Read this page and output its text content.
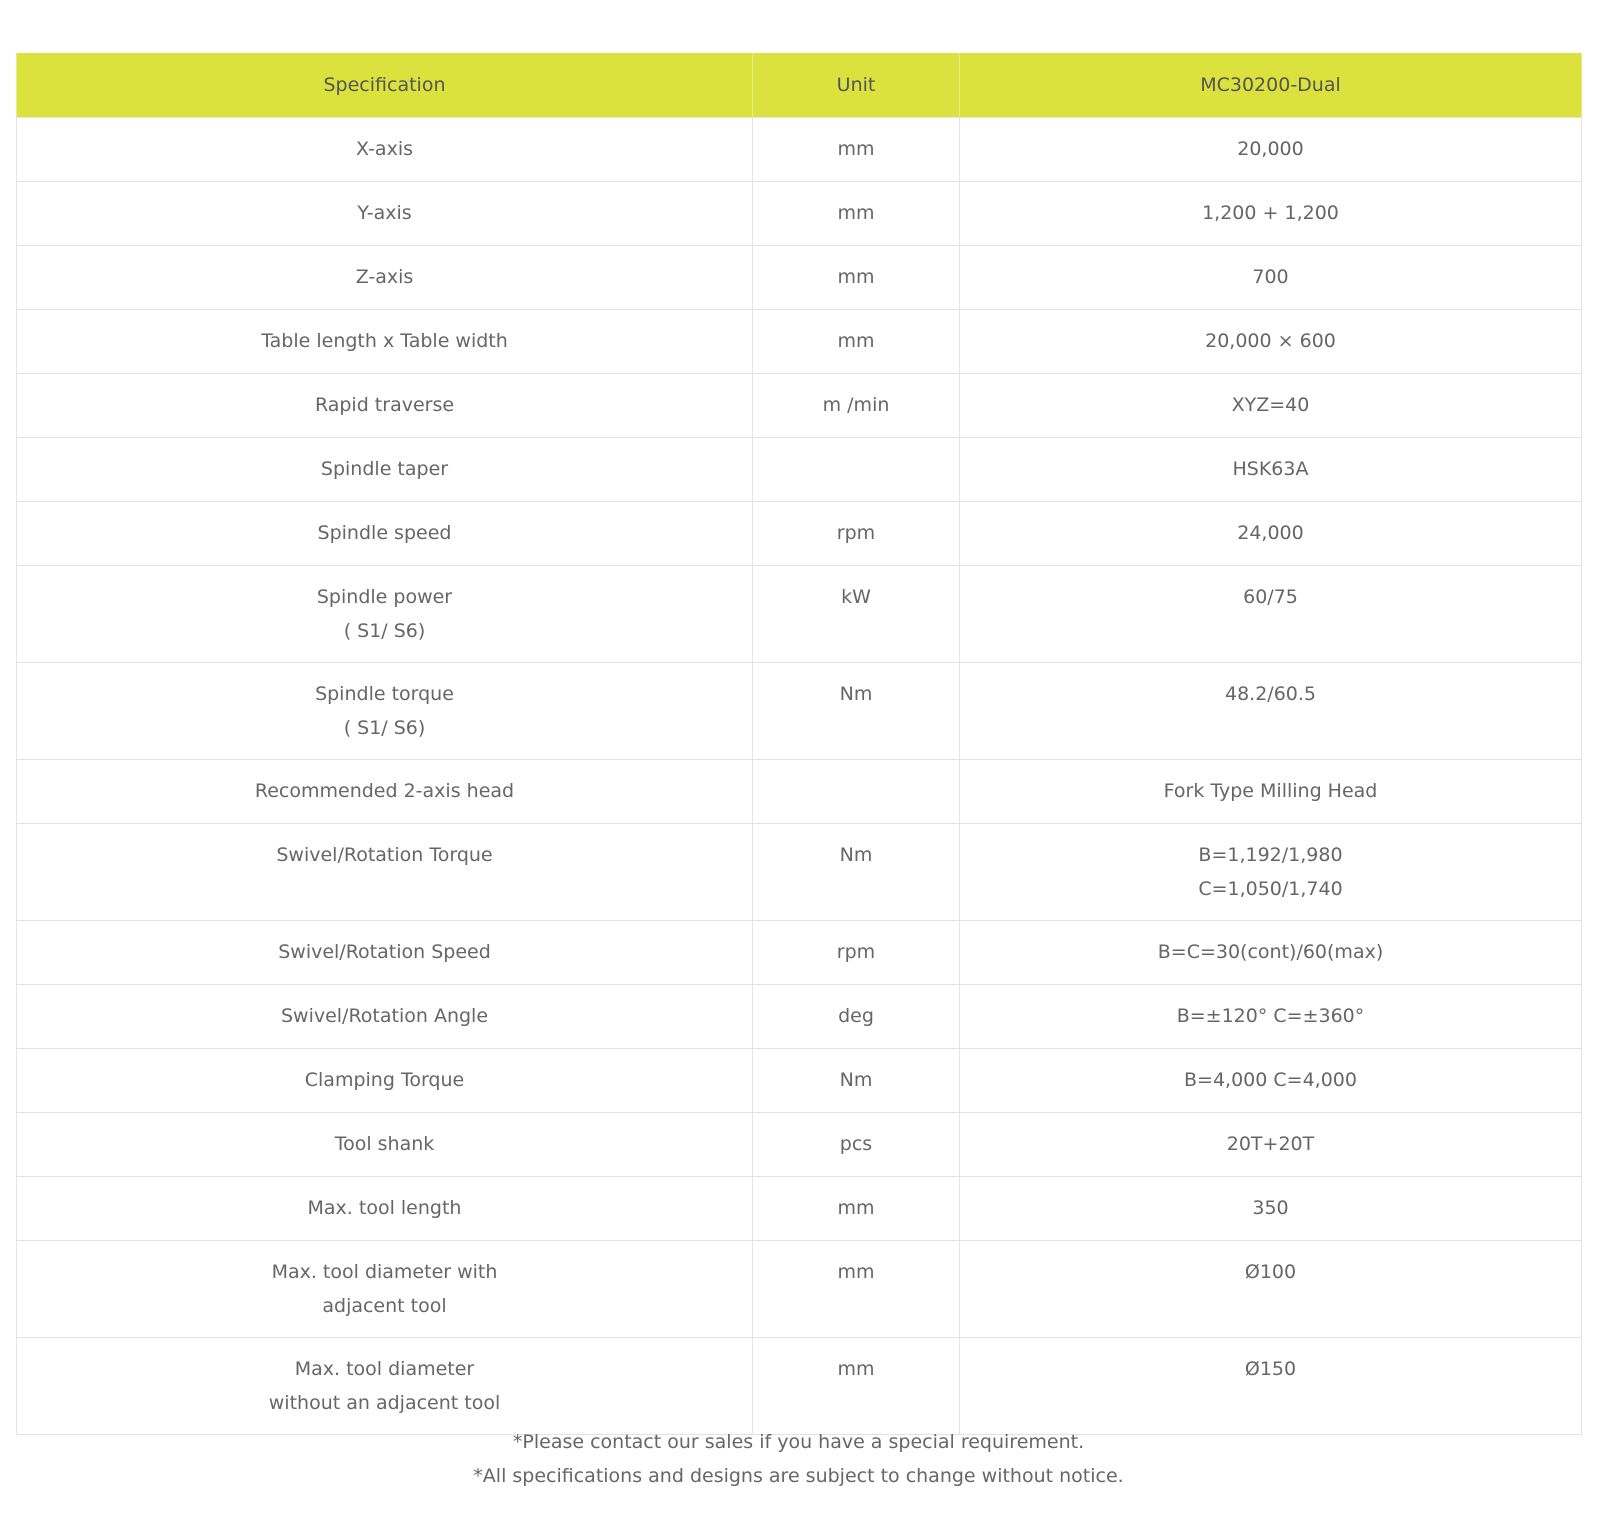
Specification	Unit	MC30200-Dual

X-axis	mm	20,000

Y-axis	mm	1,200 + 1,200

Z-axis	mm	700

Table length x Table width	mm	20,000 × 600

Rapid traverse	m /min	XYZ=40

Spindle taper		HSK63A

Spindle speed	rpm	24,000

Spindle power
( S1/ S6)	kW	60/75

Spindle torque
( S1/ S6)	Nm	48.2/60.5

Recommended 2-axis head		Fork Type Milling Head

Swivel/Rotation Torque	Nm	B=1,192/1,980
C=1,050/1,740

Swivel/Rotation Speed	rpm	B=C=30(cont)/60(max)

Swivel/Rotation Angle	deg	B=±120° C=±360°

Clamping Torque	Nm	B=4,000 C=4,000

Tool shank	pcs	20T+20T

Max. tool length	mm	350

Max. tool diameter with
adjacent tool	mm	Ø100

Max. tool diameter
without an adjacent tool	mm	Ø150
*Please contact our sales if you have a special requirement.
*All specifications and designs are subject to change without notice.
